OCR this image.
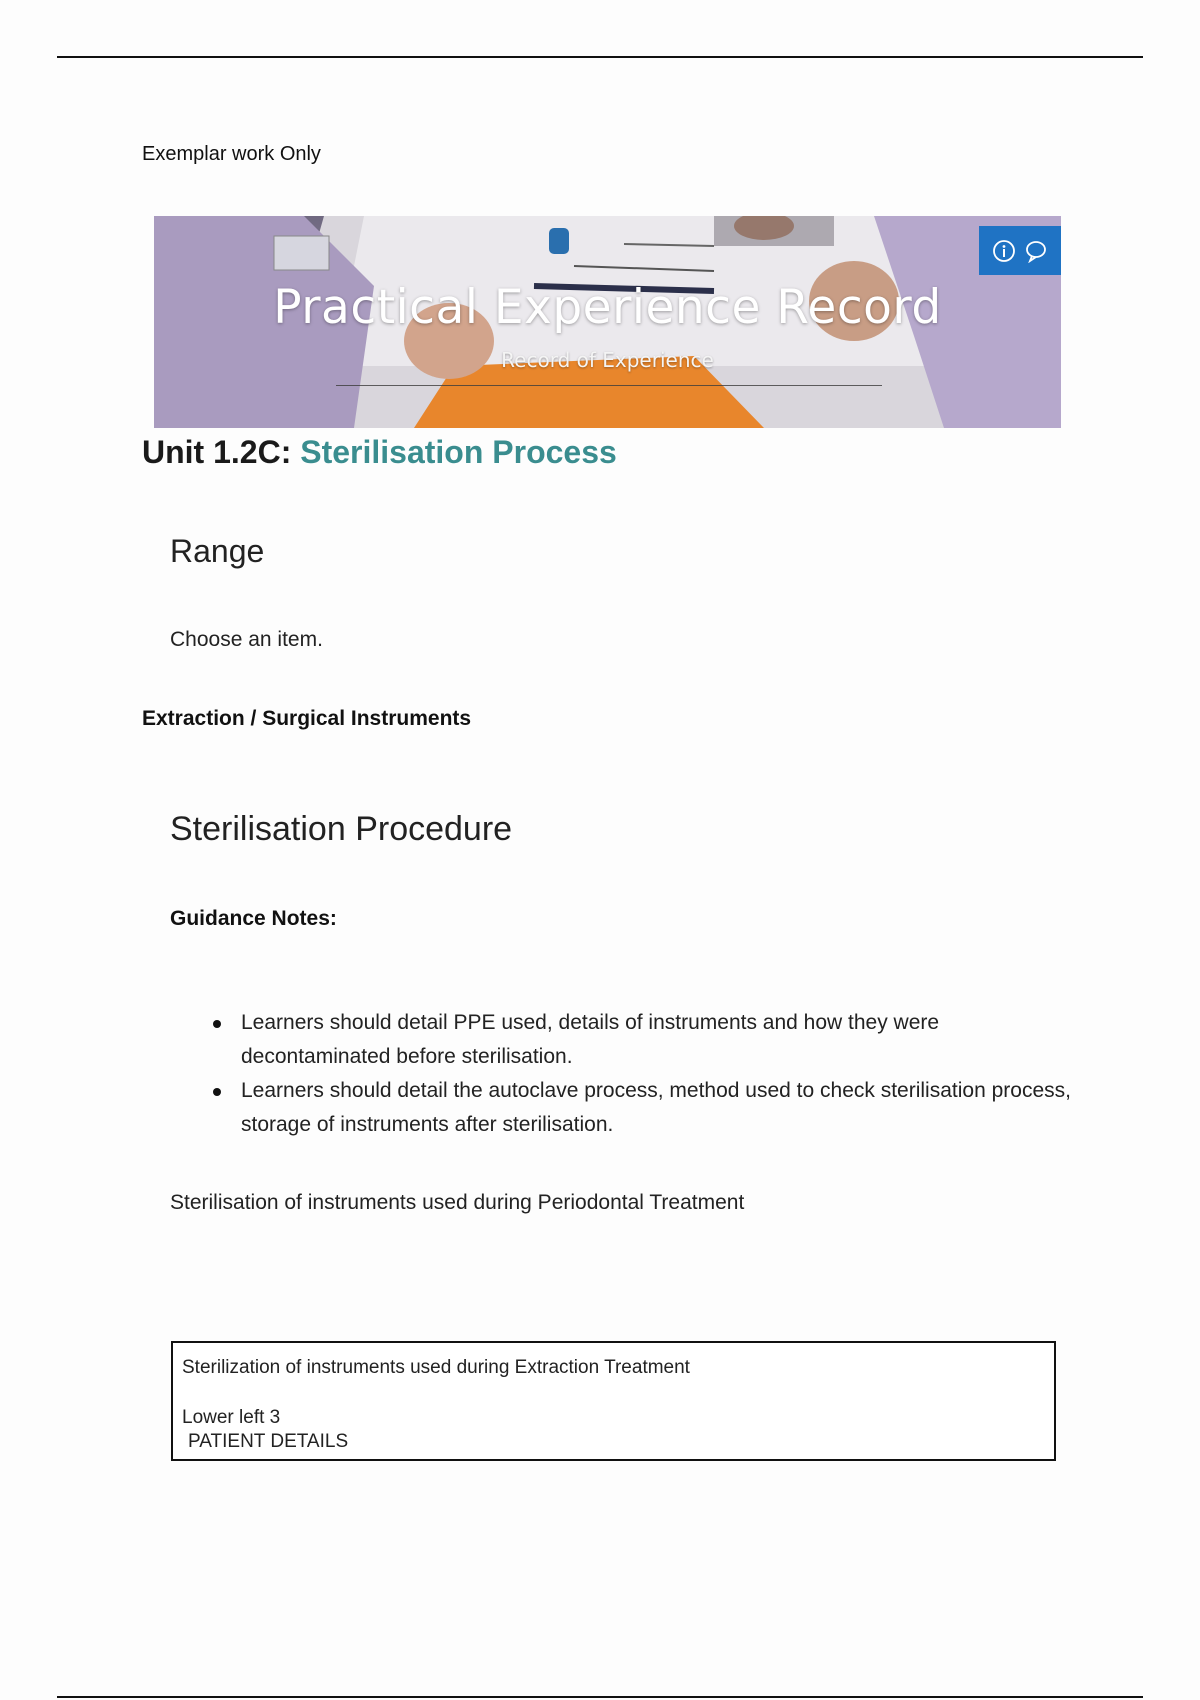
Exemplar work Only
Practical Experience Record
Record of Experience
Unit 1.2C: Sterilisation Process
Range
Choose an item.
Extraction / Surgical Instruments
Sterilisation Procedure
Guidance Notes:
Learners should detail PPE used, details of instruments and how they were decontaminated before sterilisation.
Learners should detail the autoclave process, method used to check sterilisation process, storage of instruments after sterilisation.
Sterilisation of instruments used during Periodontal Treatment
Sterilization of instruments used during Extraction Treatment
Lower left 3
PATIENT DETAILS
